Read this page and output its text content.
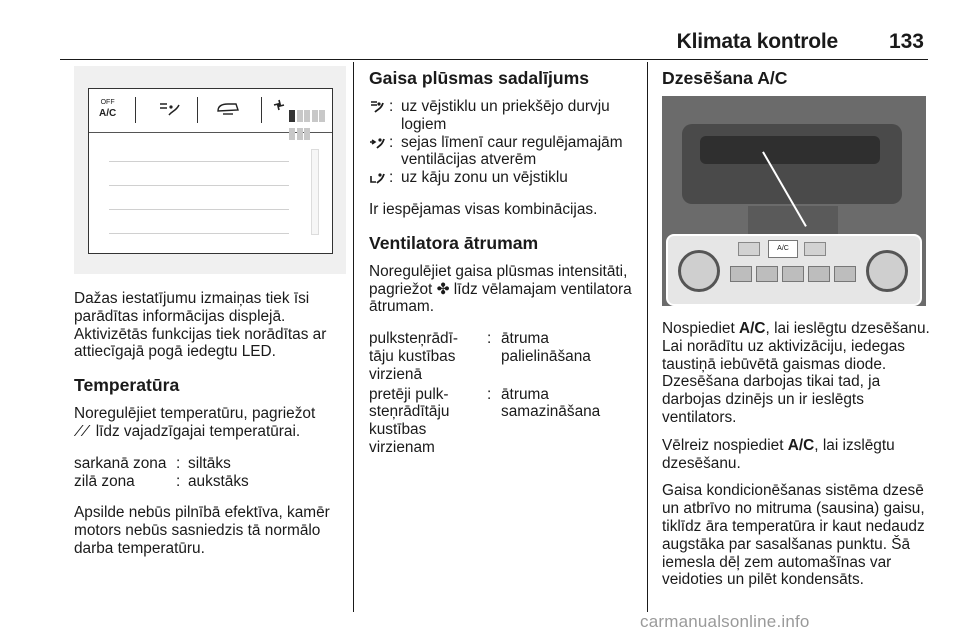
Klimata kontrole 133
OFF
A/C

Dažas iestatījumu izmaiņas tiek īsi parādītas informācijas displejā. Aktivizētās funkcijas tiek norādītas ar attiecīgajā pogā iedegtu LED.

Temperatūra

Noregulējiet temperatūru, pagriežot
⁄ ⁄ līdz vajadzīgajai temperatūrai.

sarkanā zona : siltāks
zilā zona	: aukstāks

Apsilde nebūs pilnībā efektīva, kamēr motors nebūs sasniedzis tā normālo darba temperatūru.

Gaisa plūsmas sadalījums
: uz vējstiklu un priekšējo durvju logiem
: sejas līmenī caur regulējamajām ventilācijas atverēm
: uz kāju zonu un vējstiklu

Ir iespējamas visas kombinācijas.

Ventilatora ātrumam

Noregulējiet gaisa plūsmas intensitāti, pagriežot ✤ līdz vēlamajam ventilatora ātrumam.

pulksteņrādī-tāju kustības virzienā
: ātruma palielināšana
pretēji pulk-steņrādītāju kustības virzienam
: ātruma samazināšana
Dzesēšana A/C
A/C

Nospiediet A/C, lai ieslēgtu dzesēšanu. Lai norādītu uz aktivizāciju, iedegas taustiņā iebūvētā gaismas diode. Dzesēšana darbojas tikai tad, ja darbojas dzinējs un ir ieslēgts ventilators.

Vēlreiz nospiediet A/C, lai izslēgtu dzesēšanu.

Gaisa kondicionēšanas sistēma dzesē un atbrīvo no mitruma (sausina) gaisu, tiklīdz āra temperatūra ir kaut nedaudz augstāka par sasalšanas punktu. Šā iemesla dēļ zem automašīnas var veidoties un pilēt kondensāts.

carmanualsonline.info
